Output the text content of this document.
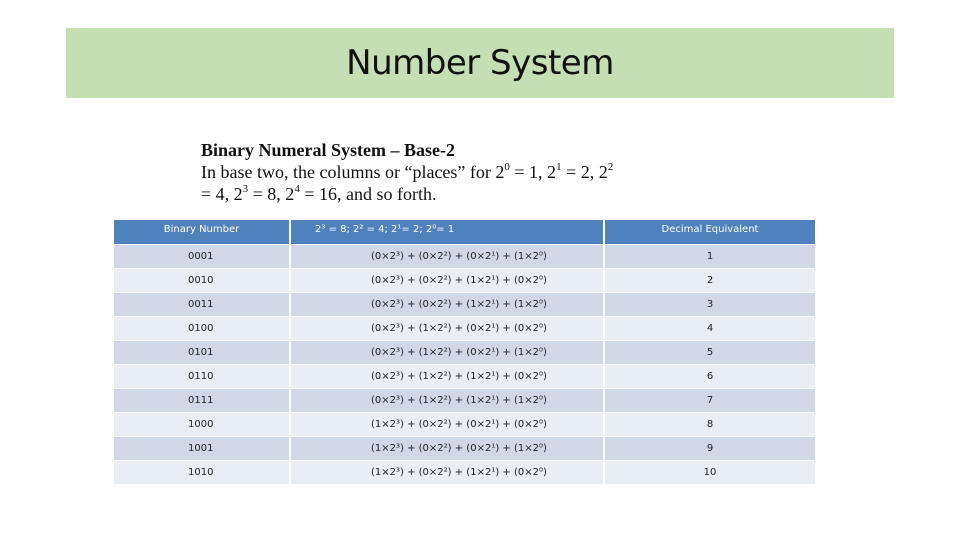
Number System
Binary Numeral System – Base-2
In base two, the columns or “places” for $2^0 = 1$, $2^1 = 2$, $2^2$
= 4, $2^3 = 8$, $2^4 = 16$, and so forth.
Binary Number	2³ = 8; 2² = 4; 2¹= 2; 2⁰= 1	Decimal Equivalent
0001	(0×2³) + (0×2²) + (0×2¹) + (1×2⁰)	1
0010	(0×2³) + (0×2²) + (1×2¹) + (0×2⁰)	2
0011	(0×2³) + (0×2²) + (1×2¹) + (1×2⁰)	3
0100	(0×2³) + (1×2²) + (0×2¹) + (0×2⁰)	4
0101	(0×2³) + (1×2²) + (0×2¹) + (1×2⁰)	5
0110	(0×2³) + (1×2²) + (1×2¹) + (0×2⁰)	6
0111	(0×2³) + (1×2²) + (1×2¹) + (1×2⁰)	7
1000	(1×2³) + (0×2²) + (0×2¹) + (0×2⁰)	8
1001	(1×2³) + (0×2²) + (0×2¹) + (1×2⁰)	9
1010	(1×2³) + (0×2²) + (1×2¹) + (0×2⁰)	10
